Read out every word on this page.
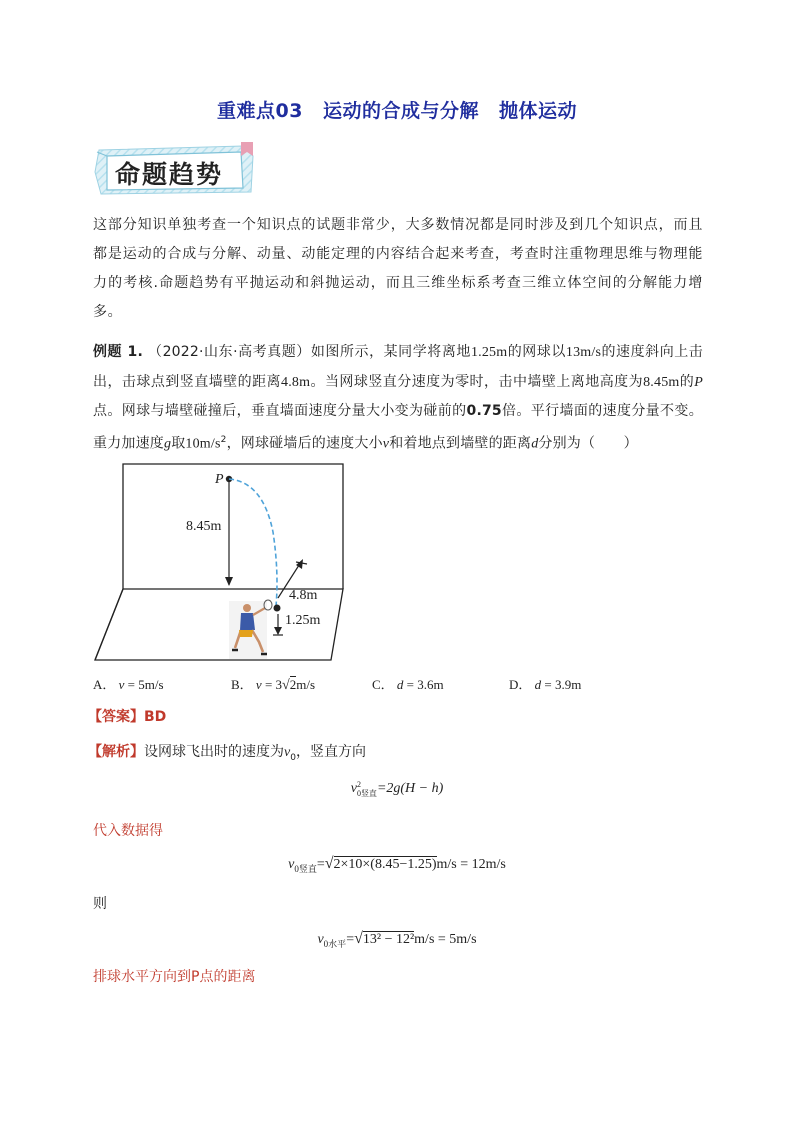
重难点03 运动的合成与分解 抛体运动
命题趋势
这部分知识单独考查一个知识点的试题非常少，大多数情况都是同时涉及到几个知识点，而且都是运动的合成与分解、动量、动能定理的内容结合起来考查，考查时注重物理思维与物理能力的考核.命题趋势有平抛运动和斜抛运动，而且三维坐标系考查三维立体空间的分解能力增多。
例题 1. （2022·山东·高考真题）如图所示，某同学将离地1.25m的网球以13m/s的速度斜向上击出，击球点到竖直墙壁的距离4.8m。当网球竖直分速度为零时，击中墙壁上离地高度为8.45m的P点。网球与墙壁碰撞后，垂直墙面速度分量大小变为碰前的0.75倍。平行墙面的速度分量不变。重力加速度g取$10m/s^2$，网球碰墙后的速度大小v和着地点到墙壁的距离d分别为（　　）
P
8.45m
4.8m
1.25m
A． v = 5m/s	B． v = 3√2m/s	C． d = 3.6m	D． d = 3.9m
【答案】BD
【解析】设网球飞出时的速度为$v_0$，竖直方向
v 2
0竖直 =2g(H − h)
代入数据得
$v_{0竖直}=√2\times 10\times(8.45-1.25)m/s = 12m/s$
则
$v_{0水平}=√13^2 - 12^2m/s = 5m/s$
排球水平方向到P点的距离
